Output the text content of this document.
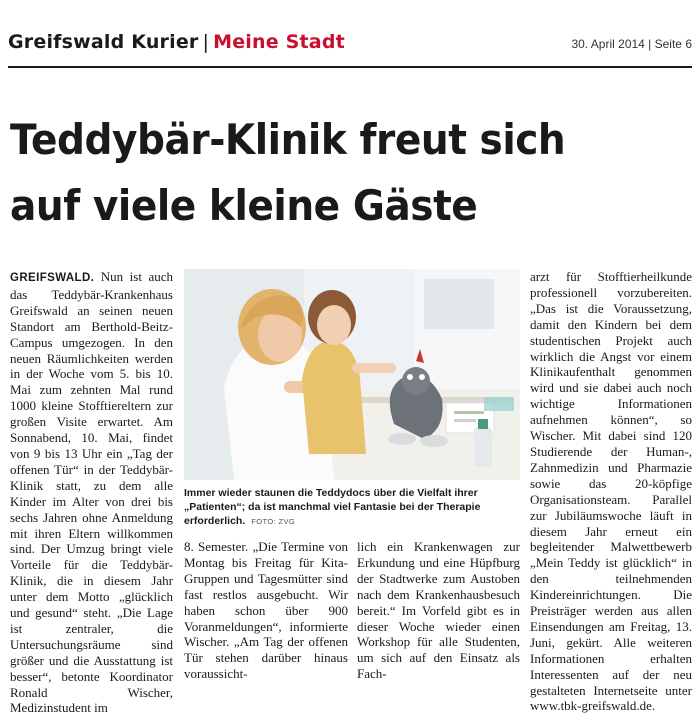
Greifswald Kurier | Meine Stadt	30. April 2014 | Seite 6
Teddybär-Klinik freut sich
auf viele kleine Gäste
GREIFSWALD. Nun ist auch das Teddybär-Krankenhaus Greifswald an seinen neuen Standort am Berthold-Beitz-Campus umgezogen. In den neuen Räumlichkeiten werden in der Woche vom 5. bis 10. Mai zum zehnten Mal rund 1000 kleine Stofftiereltern zur großen Visite erwartet. Am Sonnabend, 10. Mai, findet von 9 bis 13 Uhr ein „Tag der offenen Tür“ in der Teddybär-Klinik statt, zu dem alle Kinder im Alter von drei bis sechs Jahren ohne Anmeldung mit ihren Eltern willkommen sind. Der Umzug bringt viele Vorteile für die Teddybär-Klinik, die in diesem Jahr unter dem Motto „glücklich und gesund“ steht. „Die Lage ist zentraler, die Untersuchungsräume sind größer und die Ausstattung ist besser“, betonte Koordinator Ronald Wischer, Medizinstudent im
Immer wieder staunen die Teddydocs über die Vielfalt ihrer „Patienten“; da ist manchmal viel Fantasie bei der Therapie erforderlich. FOTO: ZVG
8. Semester. „Die Termine von Montag bis Freitag für Kita-Gruppen und Tagesmütter sind fast restlos ausgebucht. Wir haben schon über 900 Voranmeldungen“, informierte Wischer. „Am Tag der offenen Tür stehen darüber hinaus voraussicht-
lich ein Krankenwagen zur Erkundung und eine Hüpfburg der Stadtwerke zum Austoben nach dem Krankenhausbesuch bereit.“ Im Vorfeld gibt es in dieser Woche wieder einen Workshop für alle Studenten, um sich auf den Einsatz als Fach-
arzt für Stofftierheilkunde professionell vorzubereiten. „Das ist die Voraussetzung, damit den Kindern bei dem studentischen Projekt auch wirklich die Angst vor einem Klinikaufenthalt genommen wird und sie dabei auch noch wichtige Informationen aufnehmen können“, so Wischer. Mit dabei sind 120 Studierende der Human-, Zahnmedizin und Pharmazie sowie das 20-köpfige Organisationsteam. Parallel zur Jubiläumswoche läuft in diesem Jahr erneut ein begleitender Malwettbewerb „Mein Teddy ist glücklich“ in den teilnehmenden Kindereinrichtungen. Die Preisträger werden aus allen Einsendungen am Freitag, 13. Juni, gekürt. Alle weiteren Informationen erhalten Interessenten auf der neu gestalteten Internetseite unter www.tbk-greifswald.de.
